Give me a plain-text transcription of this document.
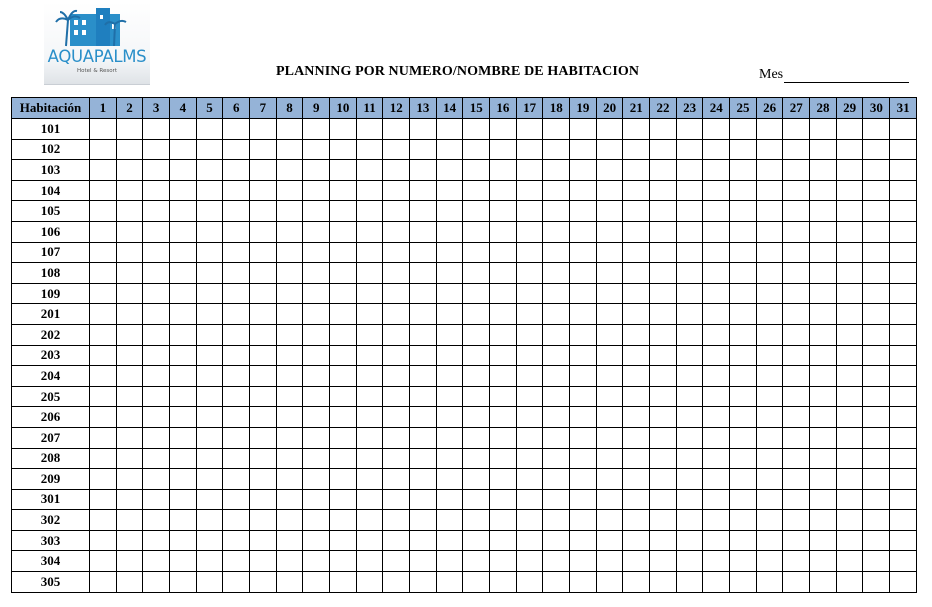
AQUAPALMS
Hotel & Resort	PLANNING POR NUMERO/NOMBRE DE HABITACION	Mes
Habitación	1	2	3	4	5	6	7	8	9	10	11	12	13	14	15	16	17	18	19	20	21	22	23	24	25	26	27	28	29	30	31
101																															
102																															
103																															
104																															
105																															
106																															
107																															
108																															
109																															
201																															
202																															
203																															
204																															
205																															
206																															
207																															
208																															
209																															
301																															
302																															
303																															
304																															
305																															
